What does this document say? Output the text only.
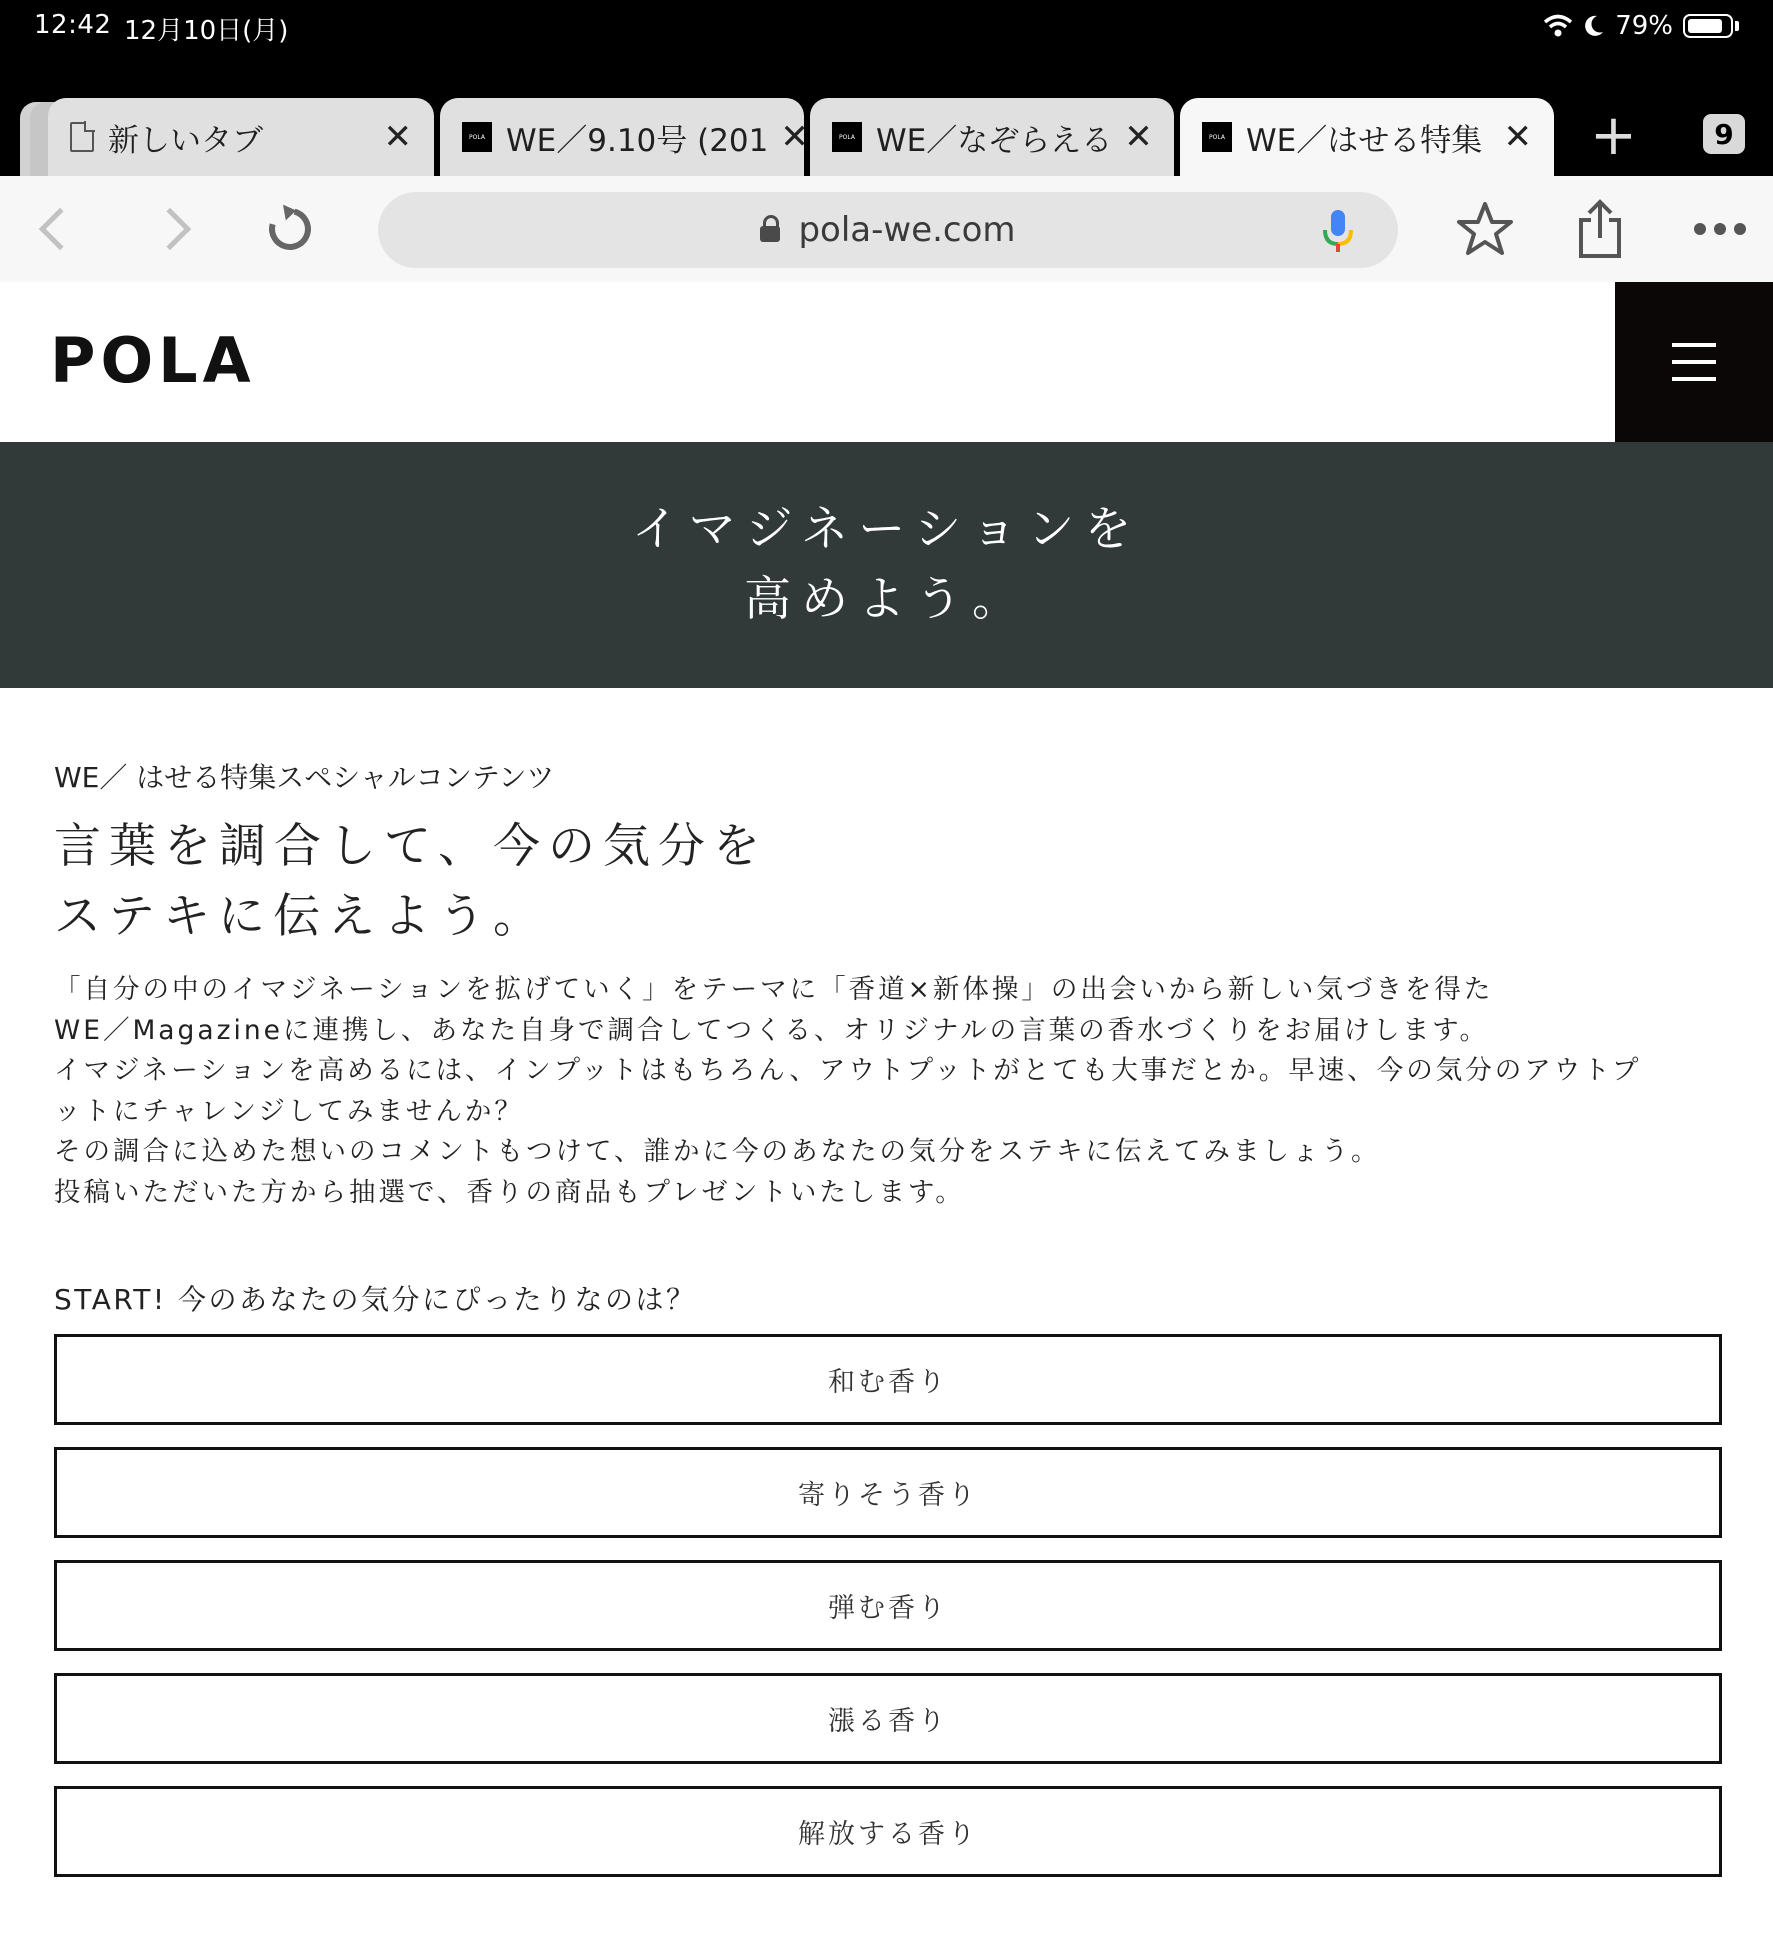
12:42 12月10日(月)	79%
新しいタブ	✕	POLA WE／9.10号 (201 ✕	POLA WE／なぞらえる ✕	POLA WE／はせる特集 ✕ +	9
pola-we.com
POLA
イマジネーションを
高めよう。
WE／ はせる特集スペシャルコンテンツ
言葉を調合して、今の気分を
ステキに伝えよう。

「自分の中のイマジネーションを拡げていく」をテーマに「香道×新体操」の出会いから新しい気づきを得た

WE／Magazineに連携し、あなた自身で調合してつくる、オリジナルの言葉の香水づくりをお届けします。

イマジネーションを高めるには、インプットはもちろん、アウトプットがとても大事だとか。早速、今の気分のアウトプ

ットにチャレンジしてみませんか？

その調合に込めた想いのコメントもつけて、誰かに今のあなたの気分をステキに伝えてみましょう。

投稿いただいた方から抽選で、香りの商品もプレゼントいたします。

START! 今のあなたの気分にぴったりなのは？
和む香り
寄りそう香り
弾む香り
漲る香り
解放する香り
